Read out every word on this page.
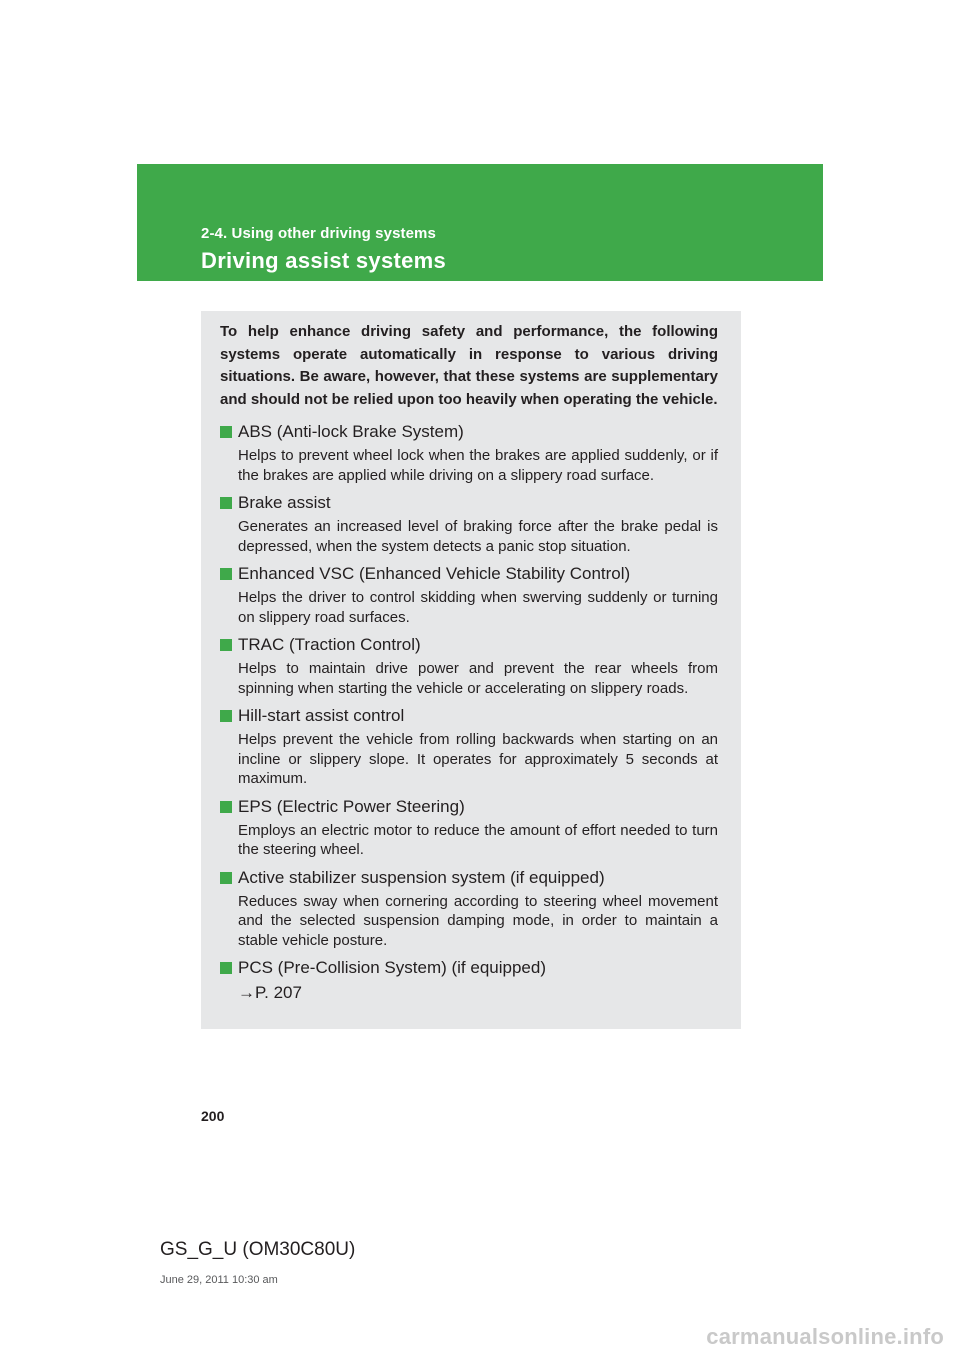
2-4. Using other driving systems
Driving assist systems

To help enhance driving safety and performance, the following systems operate automatically in response to various driving situations. Be aware, however, that these systems are supplementary and should not be relied upon too heavily when operating the vehicle.

ABS (Anti-lock Brake System)

Helps to prevent wheel lock when the brakes are applied suddenly, or if the brakes are applied while driving on a slippery road surface.

Brake assist

Generates an increased level of braking force after the brake pedal is depressed, when the system detects a panic stop situation.

Enhanced VSC (Enhanced Vehicle Stability Control)

Helps the driver to control skidding when swerving suddenly or turning on slippery road surfaces.

TRAC (Traction Control)

Helps to maintain drive power and prevent the rear wheels from spinning when starting the vehicle or accelerating on slippery roads.

Hill-start assist control

Helps prevent the vehicle from rolling backwards when starting on an incline or slippery slope. It operates for approximately 5 seconds at maximum.

EPS (Electric Power Steering)

Employs an electric motor to reduce the amount of effort needed to turn the steering wheel.

Active stabilizer suspension system (if equipped)

Reduces sway when cornering according to steering wheel movement and the selected suspension damping mode, in order to maintain a stable vehicle posture.

PCS (Pre-Collision System) (if equipped)

→P. 207

200
GS_G_U (OM30C80U)
June 29, 2011 10:30 am
carmanualsonline.info
